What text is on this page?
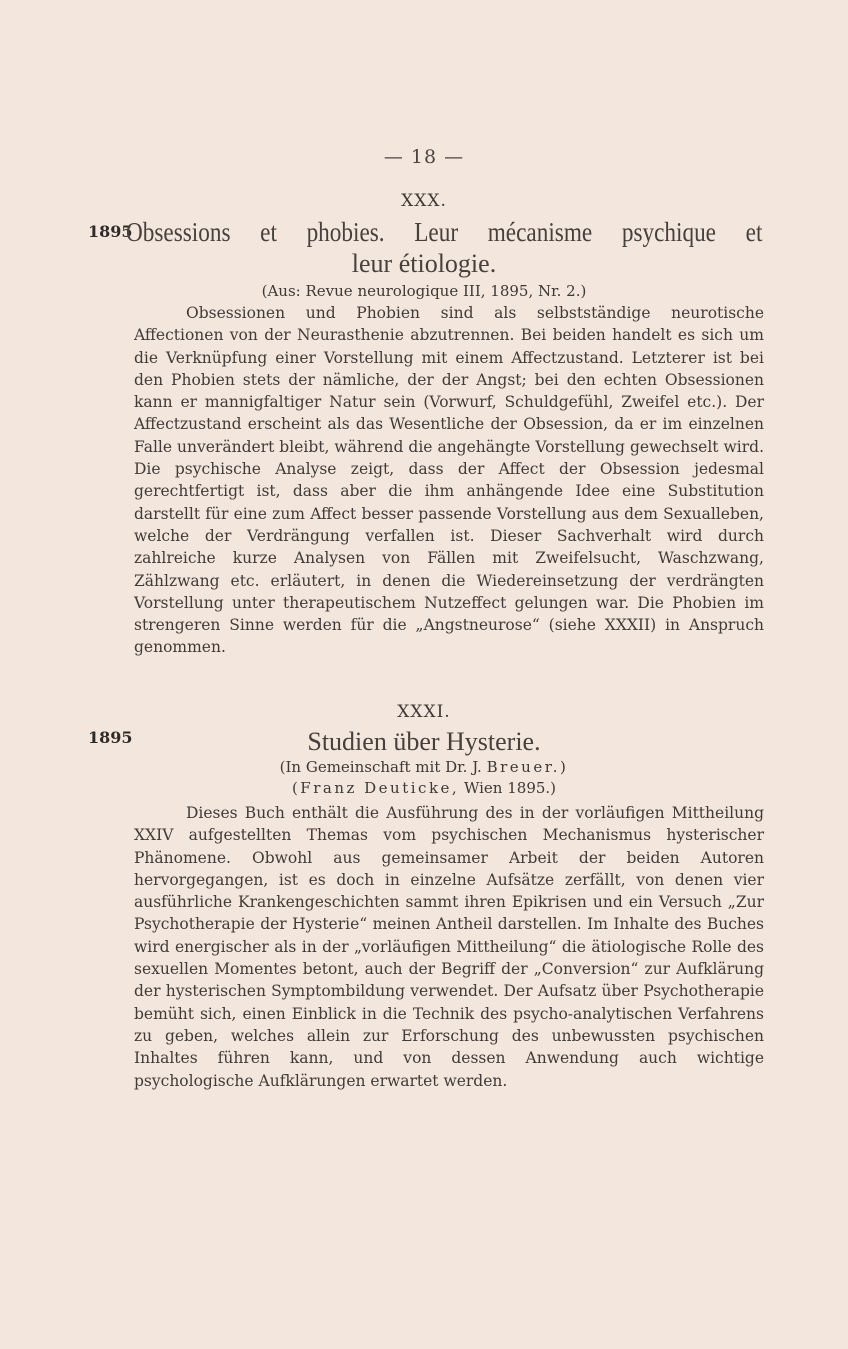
— 18 —
XXX.
1895
Obsessions et phobies. Leur mécanisme psychique et
leur étiologie.
(Aus: Revue neurologique III, 1895, Nr. 2.)

Obsessionen und Phobien sind als selbstständige neurotische Affectionen von der Neurasthenie abzutrennen. Bei beiden handelt es sich um die Verknüpfung einer Vorstellung mit einem Affectzustand. Letzterer ist bei den Phobien stets der nämliche, der der Angst; bei den echten Obsessionen kann er mannigfaltiger Natur sein (Vorwurf, Schuldgefühl, Zweifel etc.). Der Affectzustand erscheint als das Wesentliche der Obsession, da er im einzelnen Falle unverändert bleibt, während die angehängte Vorstellung gewechselt wird. Die psychische Analyse zeigt, dass der Affect der Obsession jedesmal gerechtfertigt ist, dass aber die ihm anhängende Idee eine Substitution darstellt für eine zum Affect besser passende Vorstellung aus dem Sexualleben, welche der Verdrängung verfallen ist. Dieser Sachverhalt wird durch zahlreiche kurze Analysen von Fällen mit Zweifelsucht, Waschzwang, Zählzwang etc. erläutert, in denen die Wiedereinsetzung der verdrängten Vorstellung unter therapeutischem Nutzeffect gelungen war. Die Phobien im strengeren Sinne werden für die „Angstneurose“ (siehe XXXII) in Anspruch genommen.

XXXI.
1895	Studien über Hysterie.
(In Gemeinschaft mit Dr. J. Breuer.)
(Franz Deuticke, Wien 1895.)

Dieses Buch enthält die Ausführung des in der vorläufigen Mittheilung XXIV aufgestellten Themas vom psychischen Mechanismus hysterischer Phänomene. Obwohl aus gemeinsamer Arbeit der beiden Autoren hervorgegangen, ist es doch in einzelne Aufsätze zerfällt, von denen vier ausführliche Krankengeschichten sammt ihren Epikrisen und ein Versuch „Zur Psychotherapie der Hysterie“ meinen Antheil darstellen. Im Inhalte des Buches wird energischer als in der „vorläufigen Mittheilung“ die ätiologische Rolle des sexuellen Momentes betont, auch der Begriff der „Conversion“ zur Aufklärung der hysterischen Symptombildung verwendet. Der Aufsatz über Psychotherapie bemüht sich, einen Einblick in die Technik des psycho-analytischen Verfahrens zu geben, welches allein zur Erforschung des unbewussten psychischen Inhaltes führen kann, und von dessen Anwendung auch wichtige psychologische Aufklärungen erwartet werden.
